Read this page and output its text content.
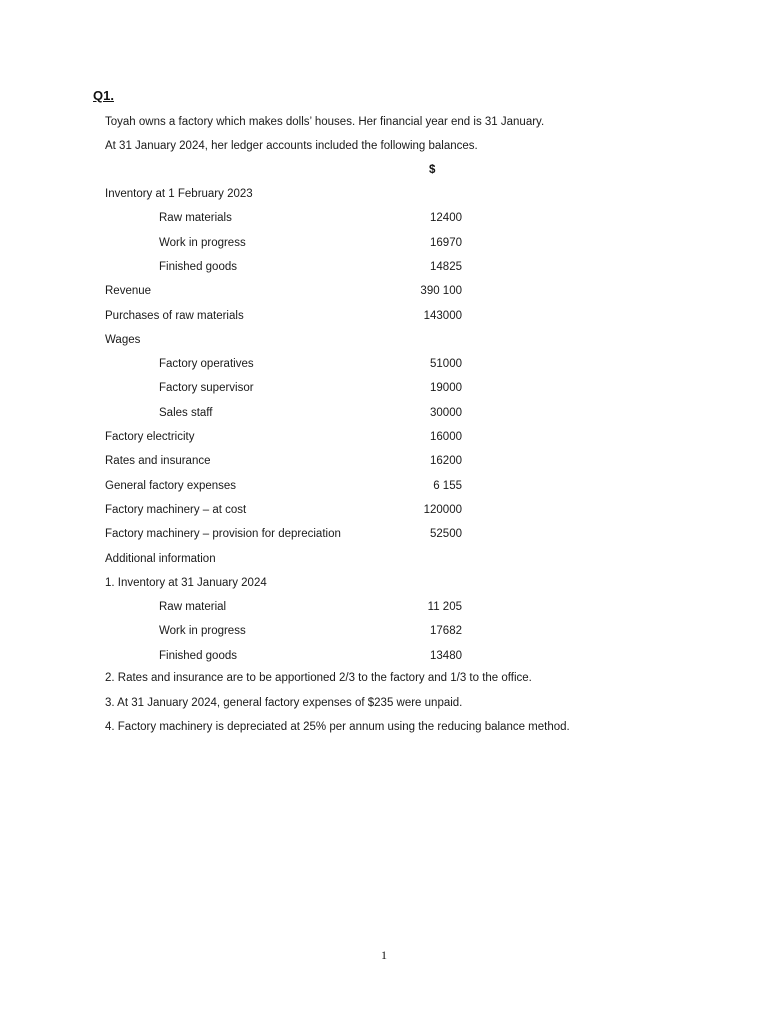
Q1.
Toyah owns a factory which makes dolls’ houses. Her financial year end is 31 January.
At 31 January 2024, her ledger accounts included the following balances.
$
Inventory at 1 February 2023
Raw materials	12400
Work in progress	16970
Finished goods	14825
Revenue	390 100
Purchases of raw materials	143000
Wages
Factory operatives	51000
Factory supervisor	19000
Sales staff	30000
Factory electricity	16000
Rates and insurance	16200
General factory expenses	6 155
Factory machinery – at cost	120000
Factory machinery – provision for depreciation	52500
Additional information
1. Inventory at 31 January 2024
Raw material	11 205
Work in progress	17682
Finished goods	13480
2. Rates and insurance are to be apportioned 2/3 to the factory and 1/3 to the office.
3. At 31 January 2024, general factory expenses of $235 were unpaid.
4. Factory machinery is depreciated at 25% per annum using the reducing balance method.
1
